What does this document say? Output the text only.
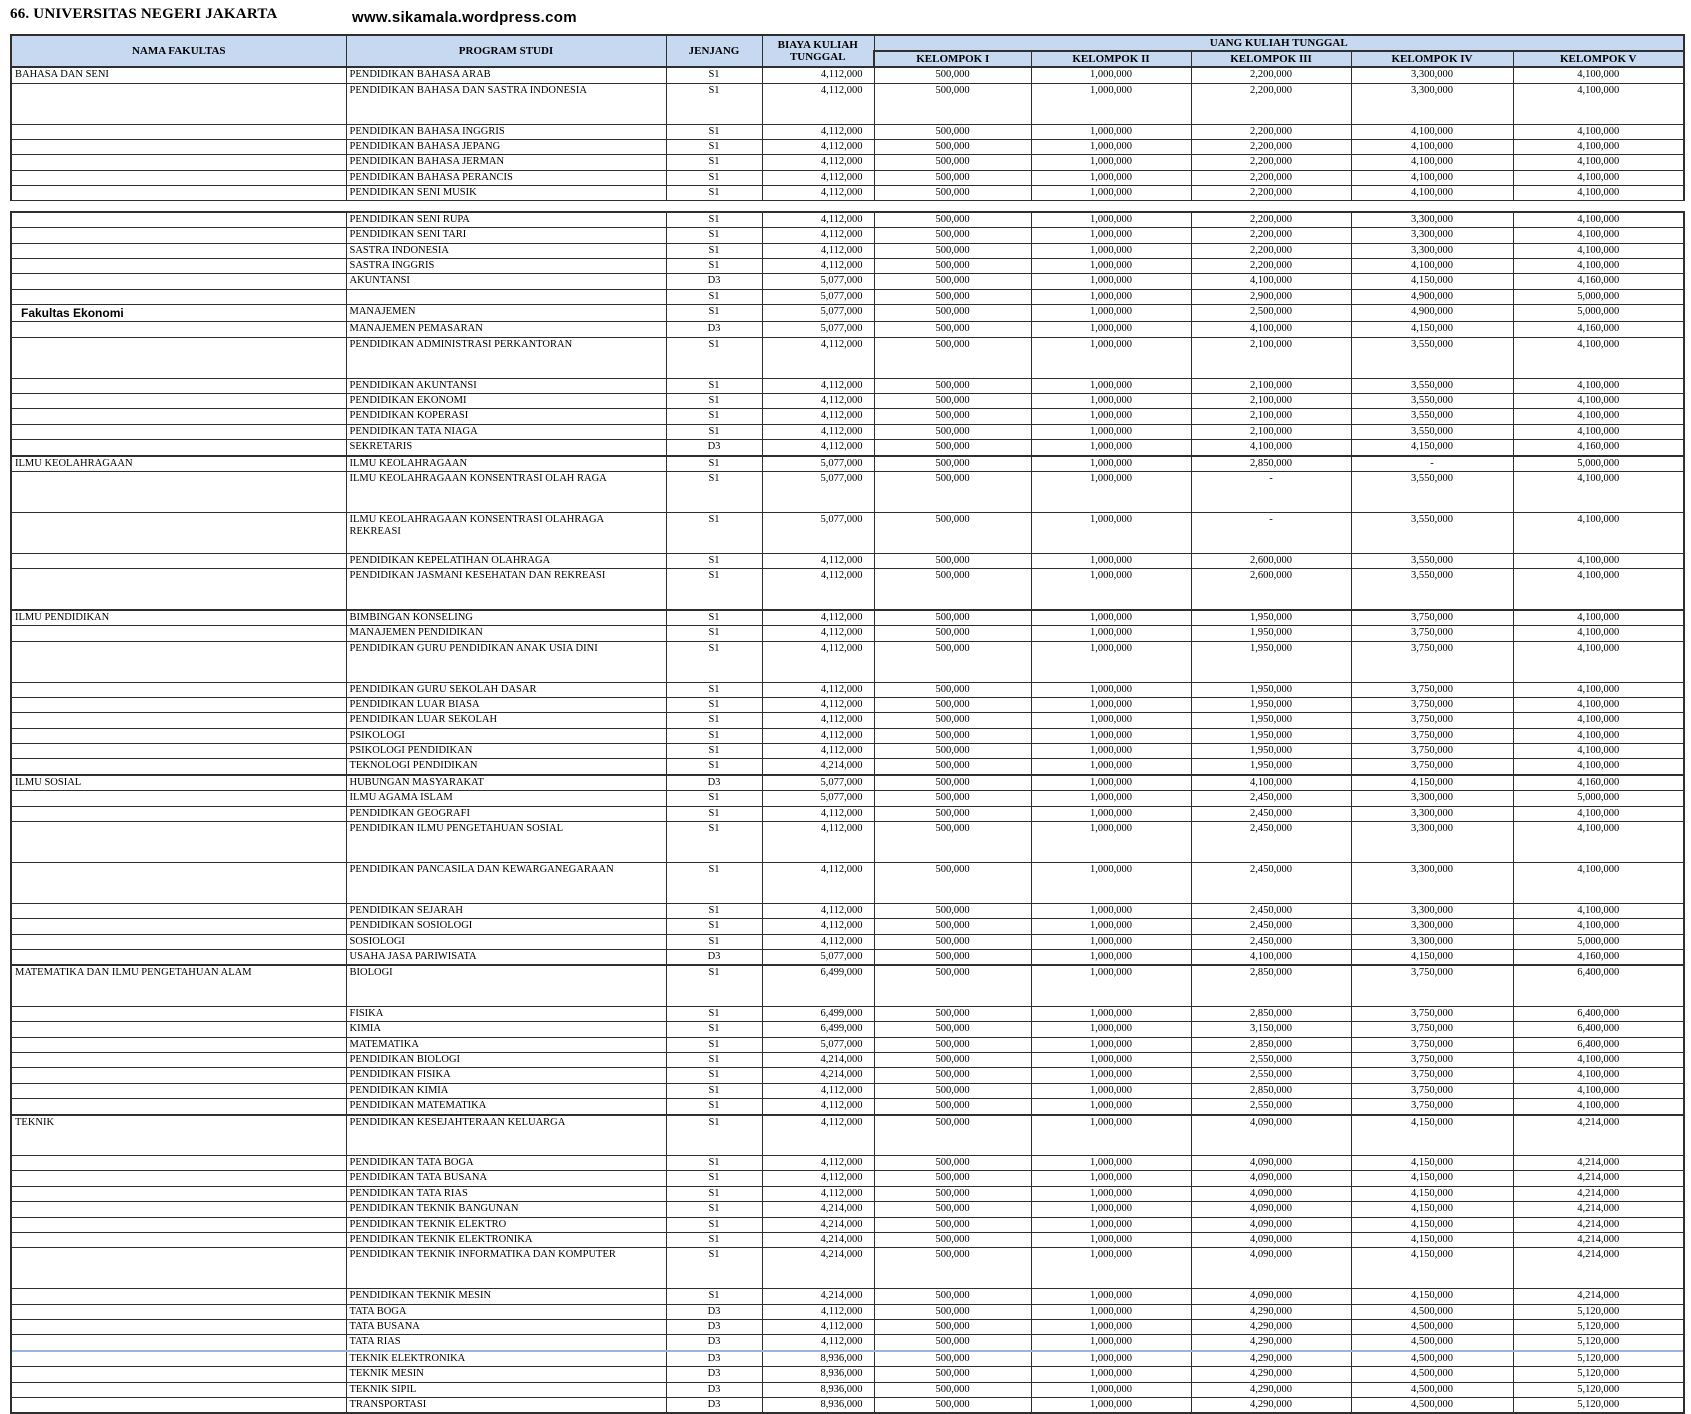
66. UNIVERSITAS NEGERI JAKARTA	www.sikamala.wordpress.com
NAMA FAKULTAS	PROGRAM STUDI	JENJANG	BIAYA KULIAH TUNGGAL	UANG KULIAH TUNGGAL				
				KELOMPOK I	KELOMPOK II	KELOMPOK III	KELOMPOK IV	KELOMPOK V
BAHASA DAN SENI	PENDIDIKAN BAHASA ARAB	S1	4,112,000	500,000	1,000,000	2,200,000	3,300,000	4,100,000
	PENDIDIKAN BAHASA DAN SASTRA INDONESIA	S1	4,112,000	500,000	1,000,000	2,200,000	3,300,000	4,100,000
	PENDIDIKAN BAHASA INGGRIS	S1	4,112,000	500,000	1,000,000	2,200,000	4,100,000	4,100,000
	PENDIDIKAN BAHASA JEPANG	S1	4,112,000	500,000	1,000,000	2,200,000	4,100,000	4,100,000
	PENDIDIKAN BAHASA JERMAN	S1	4,112,000	500,000	1,000,000	2,200,000	4,100,000	4,100,000
	PENDIDIKAN BAHASA PERANCIS	S1	4,112,000	500,000	1,000,000	2,200,000	4,100,000	4,100,000
	PENDIDIKAN SENI MUSIK	S1	4,112,000	500,000	1,000,000	2,200,000	4,100,000	4,100,000

	PENDIDIKAN SENI RUPA	S1	4,112,000	500,000	1,000,000	2,200,000	3,300,000	4,100,000
	PENDIDIKAN SENI TARI	S1	4,112,000	500,000	1,000,000	2,200,000	3,300,000	4,100,000
	SASTRA INDONESIA	S1	4,112,000	500,000	1,000,000	2,200,000	3,300,000	4,100,000
	SASTRA INGGRIS	S1	4,112,000	500,000	1,000,000	2,200,000	4,100,000	4,100,000
	AKUNTANSI	D3	5,077,000	500,000	1,000,000	4,100,000	4,150,000	4,160,000
		S1	5,077,000	500,000	1,000,000	2,900,000	4,900,000	5,000,000
Fakultas Ekonomi	MANAJEMEN	S1	5,077,000	500,000	1,000,000	2,500,000	4,900,000	5,000,000
	MANAJEMEN PEMASARAN	D3	5,077,000	500,000	1,000,000	4,100,000	4,150,000	4,160,000
	PENDIDIKAN ADMINISTRASI PERKANTORAN	S1	4,112,000	500,000	1,000,000	2,100,000	3,550,000	4,100,000
	PENDIDIKAN AKUNTANSI	S1	4,112,000	500,000	1,000,000	2,100,000	3,550,000	4,100,000
	PENDIDIKAN EKONOMI	S1	4,112,000	500,000	1,000,000	2,100,000	3,550,000	4,100,000
	PENDIDIKAN KOPERASI	S1	4,112,000	500,000	1,000,000	2,100,000	3,550,000	4,100,000
	PENDIDIKAN TATA NIAGA	S1	4,112,000	500,000	1,000,000	2,100,000	3,550,000	4,100,000
	SEKRETARIS	D3	4,112,000	500,000	1,000,000	4,100,000	4,150,000	4,160,000
ILMU KEOLAHRAGAAN	ILMU KEOLAHRAGAAN	S1	5,077,000	500,000	1,000,000	2,850,000	-	5,000,000
	ILMU KEOLAHRAGAAN KONSENTRASI OLAH RAGA	S1	5,077,000	500,000	1,000,000	-	3,550,000	4,100,000
	ILMU KEOLAHRAGAAN KONSENTRASI OLAHRAGA
REKREASI	S1	5,077,000	500,000	1,000,000	-	3,550,000	4,100,000
	PENDIDIKAN KEPELATIHAN OLAHRAGA	S1	4,112,000	500,000	1,000,000	2,600,000	3,550,000	4,100,000
	PENDIDIKAN JASMANI KESEHATAN DAN REKREASI	S1	4,112,000	500,000	1,000,000	2,600,000	3,550,000	4,100,000
ILMU PENDIDIKAN	BIMBINGAN KONSELING	S1	4,112,000	500,000	1,000,000	1,950,000	3,750,000	4,100,000
	MANAJEMEN PENDIDIKAN	S1	4,112,000	500,000	1,000,000	1,950,000	3,750,000	4,100,000
	PENDIDIKAN GURU PENDIDIKAN ANAK USIA DINI	S1	4,112,000	500,000	1,000,000	1,950,000	3,750,000	4,100,000
	PENDIDIKAN GURU SEKOLAH DASAR	S1	4,112,000	500,000	1,000,000	1,950,000	3,750,000	4,100,000
	PENDIDIKAN LUAR BIASA	S1	4,112,000	500,000	1,000,000	1,950,000	3,750,000	4,100,000
	PENDIDIKAN LUAR SEKOLAH	S1	4,112,000	500,000	1,000,000	1,950,000	3,750,000	4,100,000
	PSIKOLOGI	S1	4,112,000	500,000	1,000,000	1,950,000	3,750,000	4,100,000
	PSIKOLOGI PENDIDIKAN	S1	4,112,000	500,000	1,000,000	1,950,000	3,750,000	4,100,000
	TEKNOLOGI PENDIDIKAN	S1	4,214,000	500,000	1,000,000	1,950,000	3,750,000	4,100,000
ILMU SOSIAL	HUBUNGAN MASYARAKAT	D3	5,077,000	500,000	1,000,000	4,100,000	4,150,000	4,160,000
	ILMU AGAMA ISLAM	S1	5,077,000	500,000	1,000,000	2,450,000	3,300,000	5,000,000
	PENDIDIKAN GEOGRAFI	S1	4,112,000	500,000	1,000,000	2,450,000	3,300,000	4,100,000
	PENDIDIKAN ILMU PENGETAHUAN SOSIAL	S1	4,112,000	500,000	1,000,000	2,450,000	3,300,000	4,100,000
	PENDIDIKAN PANCASILA DAN KEWARGANEGARAAN	S1	4,112,000	500,000	1,000,000	2,450,000	3,300,000	4,100,000
	PENDIDIKAN SEJARAH	S1	4,112,000	500,000	1,000,000	2,450,000	3,300,000	4,100,000
	PENDIDIKAN SOSIOLOGI	S1	4,112,000	500,000	1,000,000	2,450,000	3,300,000	4,100,000
	SOSIOLOGI	S1	4,112,000	500,000	1,000,000	2,450,000	3,300,000	5,000,000
	USAHA JASA PARIWISATA	D3	5,077,000	500,000	1,000,000	4,100,000	4,150,000	4,160,000
MATEMATIKA DAN ILMU PENGETAHUAN ALAM	BIOLOGI	S1	6,499,000	500,000	1,000,000	2,850,000	3,750,000	6,400,000
	FISIKA	S1	6,499,000	500,000	1,000,000	2,850,000	3,750,000	6,400,000
	KIMIA	S1	6,499,000	500,000	1,000,000	3,150,000	3,750,000	6,400,000
	MATEMATIKA	S1	5,077,000	500,000	1,000,000	2,850,000	3,750,000	6,400,000
	PENDIDIKAN BIOLOGI	S1	4,214,000	500,000	1,000,000	2,550,000	3,750,000	4,100,000
	PENDIDIKAN FISIKA	S1	4,214,000	500,000	1,000,000	2,550,000	3,750,000	4,100,000
	PENDIDIKAN KIMIA	S1	4,112,000	500,000	1,000,000	2,850,000	3,750,000	4,100,000
	PENDIDIKAN MATEMATIKA	S1	4,112,000	500,000	1,000,000	2,550,000	3,750,000	4,100,000
TEKNIK	PENDIDIKAN KESEJAHTERAAN KELUARGA	S1	4,112,000	500,000	1,000,000	4,090,000	4,150,000	4,214,000
	PENDIDIKAN TATA BOGA	S1	4,112,000	500,000	1,000,000	4,090,000	4,150,000	4,214,000
	PENDIDIKAN TATA BUSANA	S1	4,112,000	500,000	1,000,000	4,090,000	4,150,000	4,214,000
	PENDIDIKAN TATA RIAS	S1	4,112,000	500,000	1,000,000	4,090,000	4,150,000	4,214,000
	PENDIDIKAN TEKNIK BANGUNAN	S1	4,214,000	500,000	1,000,000	4,090,000	4,150,000	4,214,000
	PENDIDIKAN TEKNIK ELEKTRO	S1	4,214,000	500,000	1,000,000	4,090,000	4,150,000	4,214,000
	PENDIDIKAN TEKNIK ELEKTRONIKA	S1	4,214,000	500,000	1,000,000	4,090,000	4,150,000	4,214,000
	PENDIDIKAN TEKNIK INFORMATIKA DAN KOMPUTER	S1	4,214,000	500,000	1,000,000	4,090,000	4,150,000	4,214,000
	PENDIDIKAN TEKNIK MESIN	S1	4,214,000	500,000	1,000,000	4,090,000	4,150,000	4,214,000
	TATA BOGA	D3	4,112,000	500,000	1,000,000	4,290,000	4,500,000	5,120,000
	TATA BUSANA	D3	4,112,000	500,000	1,000,000	4,290,000	4,500,000	5,120,000
	TATA RIAS	D3	4,112,000	500,000	1,000,000	4,290,000	4,500,000	5,120,000
	TEKNIK ELEKTRONIKA	D3	8,936,000	500,000	1,000,000	4,290,000	4,500,000	5,120,000
	TEKNIK MESIN	D3	8,936,000	500,000	1,000,000	4,290,000	4,500,000	5,120,000
	TEKNIK SIPIL	D3	8,936,000	500,000	1,000,000	4,290,000	4,500,000	5,120,000
	TRANSPORTASI	D3	8,936,000	500,000	1,000,000	4,290,000	4,500,000	5,120,000
